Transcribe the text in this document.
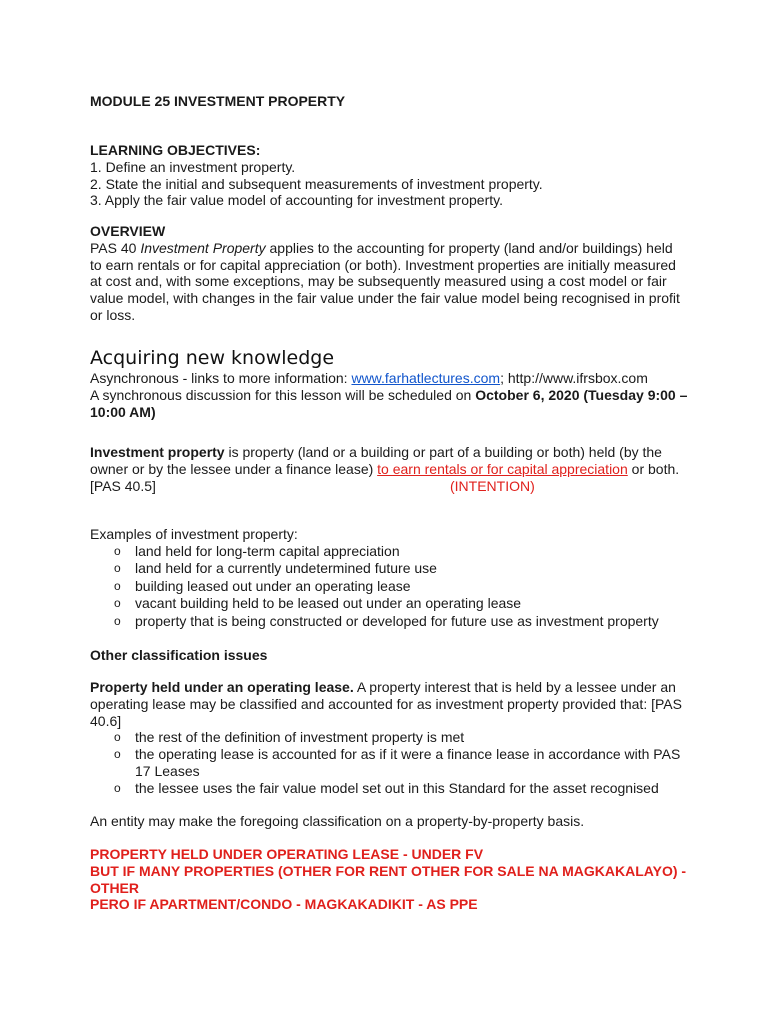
MODULE 25 INVESTMENT PROPERTY
LEARNING OBJECTIVES:
1. Define an investment property.
2. State the initial and subsequent measurements of investment property.
3. Apply the fair value model of accounting for investment property.
OVERVIEW

PAS 40 Investment Property applies to the accounting for property (land and/or buildings) held to earn rentals or for capital appreciation (or both). Investment properties are initially measured at cost and, with some exceptions, may be subsequently measured using a cost model or fair value model, with changes in the fair value under the fair value model being recognised in profit or loss.

Acquiring new knowledge

Asynchronous - links to more information: www.farhatlectures.com; http://www.ifrsbox.com

A synchronous discussion for this lesson will be scheduled on October 6, 2020 (Tuesday 9:00 – 10:00 AM)

Investment property is property (land or a building or part of a building or both) held (by the owner or by the lessee under a finance lease) to earn rentals or for capital appreciation or both.

[PAS 40.5]	(INTENTION)

Examples of investment property:
o land held for long-term capital appreciation
o land held for a currently undetermined future use
o building leased out under an operating lease
o vacant building held to be leased out under an operating lease
o property that is being constructed or developed for future use as investment property
Other classification issues

Property held under an operating lease. A property interest that is held by a lessee under an operating lease may be classified and accounted for as investment property provided that: [PAS 40.6]

o the rest of the definition of investment property is met
o the operating lease is accounted for as if it were a finance lease in accordance with PAS 17 Leases
o the lessee uses the fair value model set out in this Standard for the asset recognised
An entity may make the foregoing classification on a property-by-property basis.
PROPERTY HELD UNDER OPERATING LEASE - UNDER FV
BUT IF MANY PROPERTIES (OTHER FOR RENT OTHER FOR SALE NA MAGKAKALAYO) - OTHER
PERO IF APARTMENT/CONDO - MAGKAKADIKIT - AS PPE
